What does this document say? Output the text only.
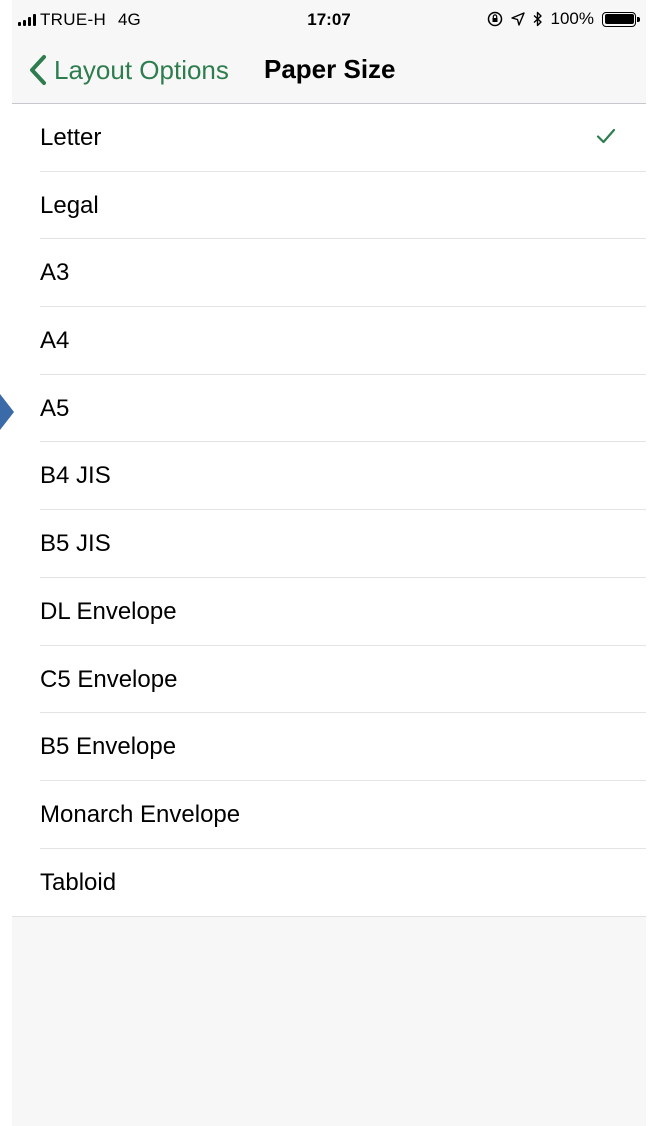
TRUE-H 4G	17:07	100%
Layout Options Paper Size
Letter
Legal
A3
A4
A5
B4 JIS
B5 JIS
DL Envelope
C5 Envelope
B5 Envelope
Monarch Envelope
Tabloid
